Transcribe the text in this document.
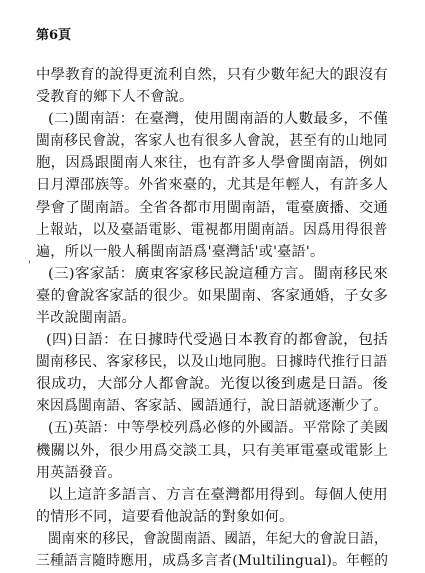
第6頁
'
中學教育的說得更流利自然，只有少數年紀大的跟沒有
受教育的鄉下人不會說。
(二)閩南語：在臺灣，使用閩南語的人數最多，不僅
閩南移民會說，客家人也有很多人會說，甚至有的山地同
胞，因爲跟閩南人來往，也有許多人學會閩南語，例如
日月潭邵族等。外省來臺的，尤其是年輕人，有許多人
學會了閩南語。全省各都市用閩南語，電臺廣播、交通
上報站，以及臺語電影、電視都用閩南語。因爲用得很普
遍，所以一般人稱閩南語爲'臺灣話'或'臺語'。
(三)客家話：廣東客家移民說這種方言。閩南移民來
臺的會說客家話的很少。如果閩南、客家通婚，子女多
半改說閩南語。
(四)日語：在日據時代受過日本教育的都會說，包括
閩南移民、客家移民，以及山地同胞。日據時代推行日語
很成功，大部分人都會說。光復以後到處是日語。後
來因爲閩南語、客家話、國語通行，說日語就逐漸少了。
(五)英語：中等學校列爲必修的外國語。平常除了美國
機關以外，很少用爲交談工具，只有美軍電臺或電影上
用英語發音。
以上這許多語言、方言在臺灣都用得到。每個人使用
的情形不同，這要看他說話的對象如何。
閩南來的移民，會說閩南語、國語，年紀大的會說日語，
三種語言隨時應用，成爲多言者(Multilingual)。年輕的
